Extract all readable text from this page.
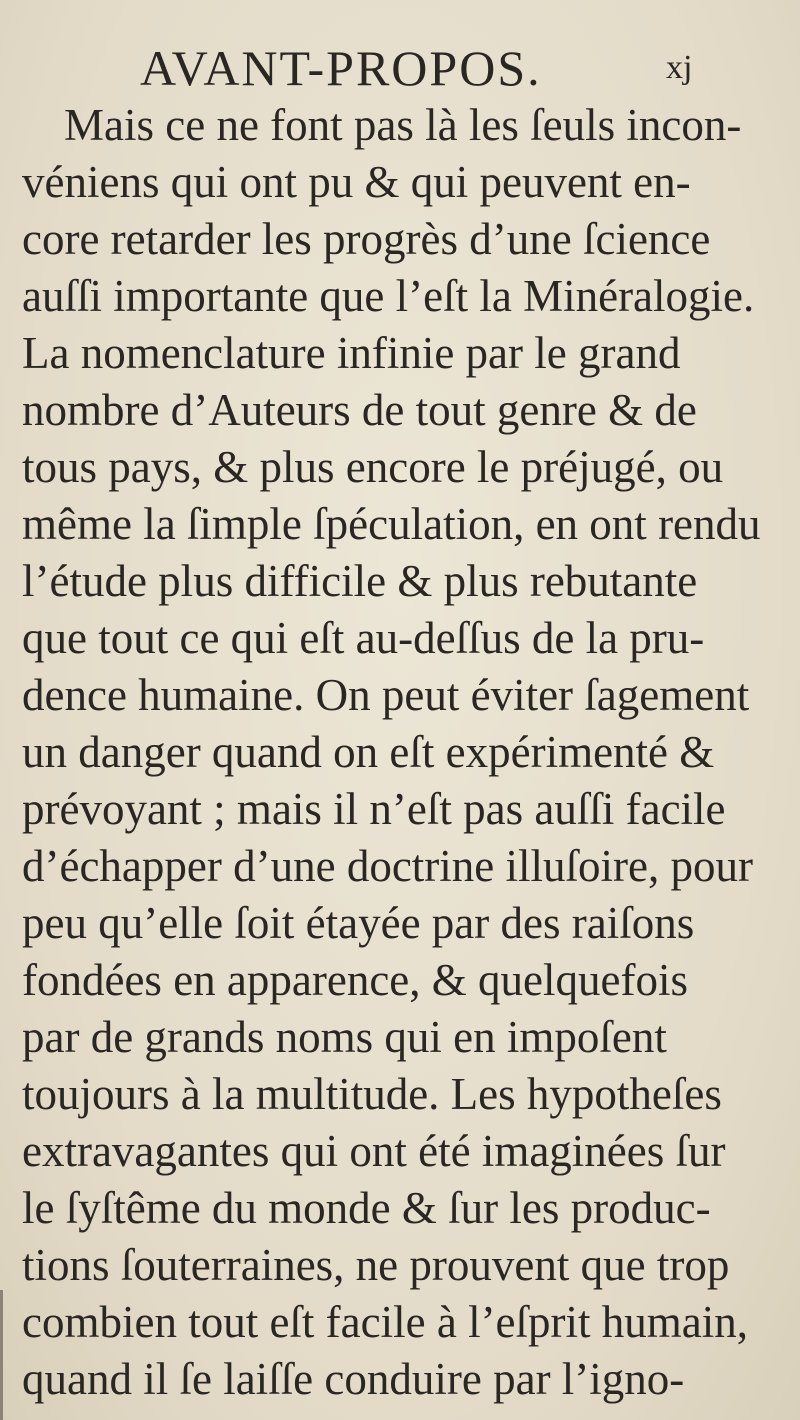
AVANT-PROPOS.	xj
Mais ce ne font pas là les ſeuls incon-
véniens qui ont pu & qui peuvent en-
core retarder les progrès d’une ſcience
auſſi importante que l’eſt la Minéralogie.
La nomenclature infinie par le grand
nombre d’Auteurs de tout genre & de
tous pays, & plus encore le préjugé, ou
même la ſimple ſpéculation, en ont rendu
l’étude plus difficile & plus rebutante
que tout ce qui eſt au-deſſus de la pru-
dence humaine. On peut éviter ſagement
un danger quand on eſt expérimenté &
prévoyant ; mais il n’eſt pas auſſi facile
d’échapper d’une doctrine illuſoire, pour
peu qu’elle ſoit étayée par des raiſons
fondées en apparence, & quelquefois
par de grands noms qui en impoſent
toujours à la multitude. Les hypotheſes
extravagantes qui ont été imaginées ſur
le ſyſtême du monde & ſur les produc-
tions ſouterraines, ne prouvent que trop
combien tout eſt facile à l’eſprit humain,
quand il ſe laiſſe conduire par l’igno-
